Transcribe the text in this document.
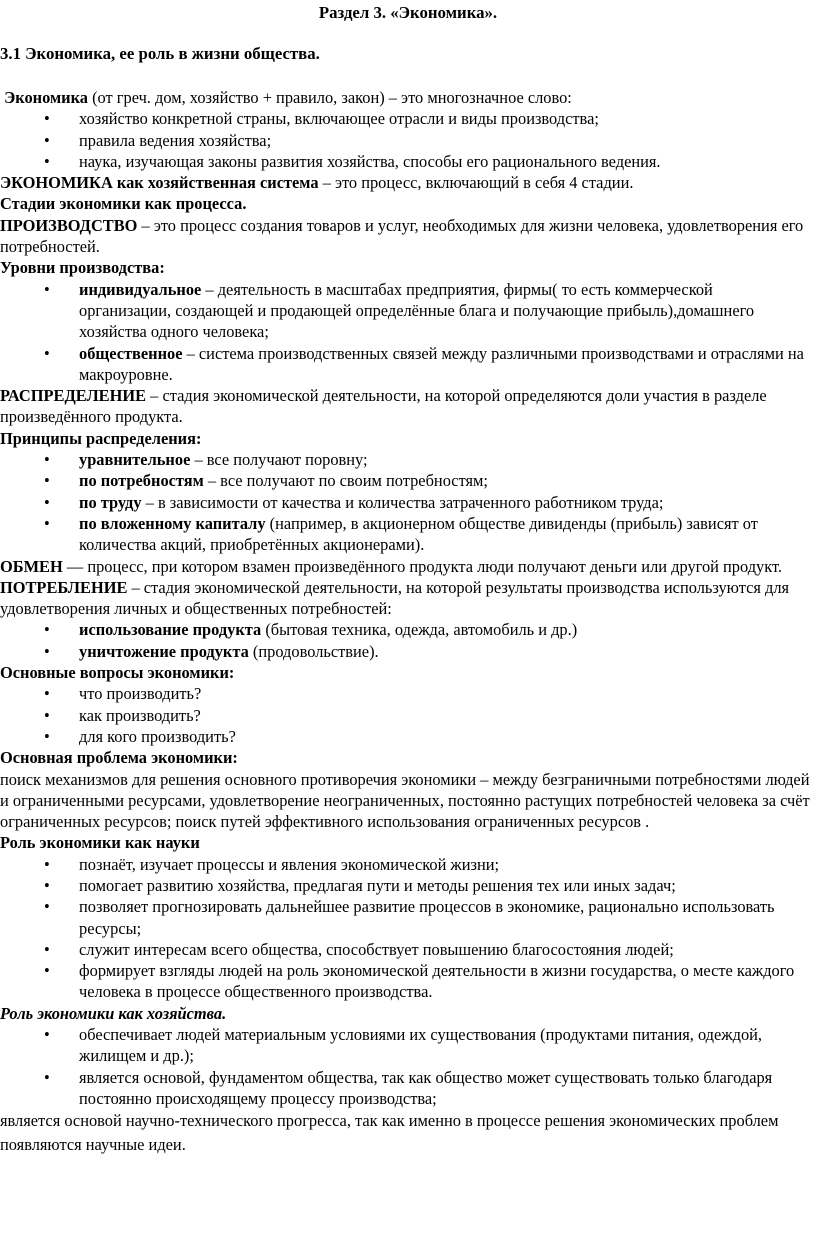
Раздел 3. «Экономика».
3.1 Экономика, ее роль в жизни общества.

Экономика (от греч. дом, хозяйство + правило, закон) – это многозначное слово:

• хозяйство конкретной страны, включающее отрасли и виды производства;
• правила ведения хозяйства;
• наука, изучающая законы развития хозяйства, способы его рационального ведения.

ЭКОНОМИКА как хозяйственная система – это процесс, включающий в себя 4 стадии.

Стадии экономики как процесса.

ПРОИЗВОДСТВО – это процесс создания товаров и услуг, необходимых для жизни человека, удовлетворения его потребностей.

Уровни производства:

• индивидуальное – деятельность в масштабах предприятия, фирмы( то есть коммерческой организации, создающей и продающей определённые блага и получающие прибыль),домашнего хозяйства одного человека;
• общественное – система производственных связей между различными производствами и отраслями на макроуровне.

РАСПРЕДЕЛЕНИЕ – стадия экономической деятельности, на которой определяются доли участия в разделе произведённого продукта.

Принципы распределения:

• уравнительное – все получают поровну;
• по потребностям – все получают по своим потребностям;
• по труду – в зависимости от качества и количества затраченного работником труда;
• по вложенному капиталу (например, в акционерном обществе дивиденды (прибыль) зависят от количества акций, приобретённых акционерами).

ОБМЕН — процесс, при котором взамен произведённого продукта люди получают деньги или другой продукт.

ПОТРЕБЛЕНИЕ – стадия экономической деятельности, на которой результаты производства используются для удовлетворения личных и общественных потребностей:

• использование продукта (бытовая техника, одежда, автомобиль и др.)
• уничтожение продукта (продовольствие).

Основные вопросы экономики:

• что производить?
• как производить?
• для кого производить?

Основная проблема экономики:

поиск механизмов для решения основного противоречия экономики – между безграничными потребностями людей и ограниченными ресурсами, удовлетворение неограниченных, постоянно растущих потребностей человека за счёт ограниченных ресурсов; поиск путей эффективного использования ограниченных ресурсов .

Роль экономики как науки

• познаёт, изучает процессы и явления экономической жизни;
• помогает развитию хозяйства, предлагая пути и методы решения тех или иных задач;
• позволяет прогнозировать дальнейшее развитие процессов в экономике, рационально использовать ресурсы;
• служит интересам всего общества, способствует повышению благосостояния людей;
• формирует взгляды людей на роль экономической деятельности в жизни государства, о месте каждого человека в процессе общественного производства.

Роль экономики как хозяйства.

• обеспечивает людей материальным условиями их существования (продуктами питания, одеждой, жилищем и др.);
• является основой, фундаментом общества, так как общество может существовать только благодаря постоянно происходящему процессу производства;

является основой научно-технического прогресса, так как именно в процессе решения экономических проблем появляются научные идеи.
